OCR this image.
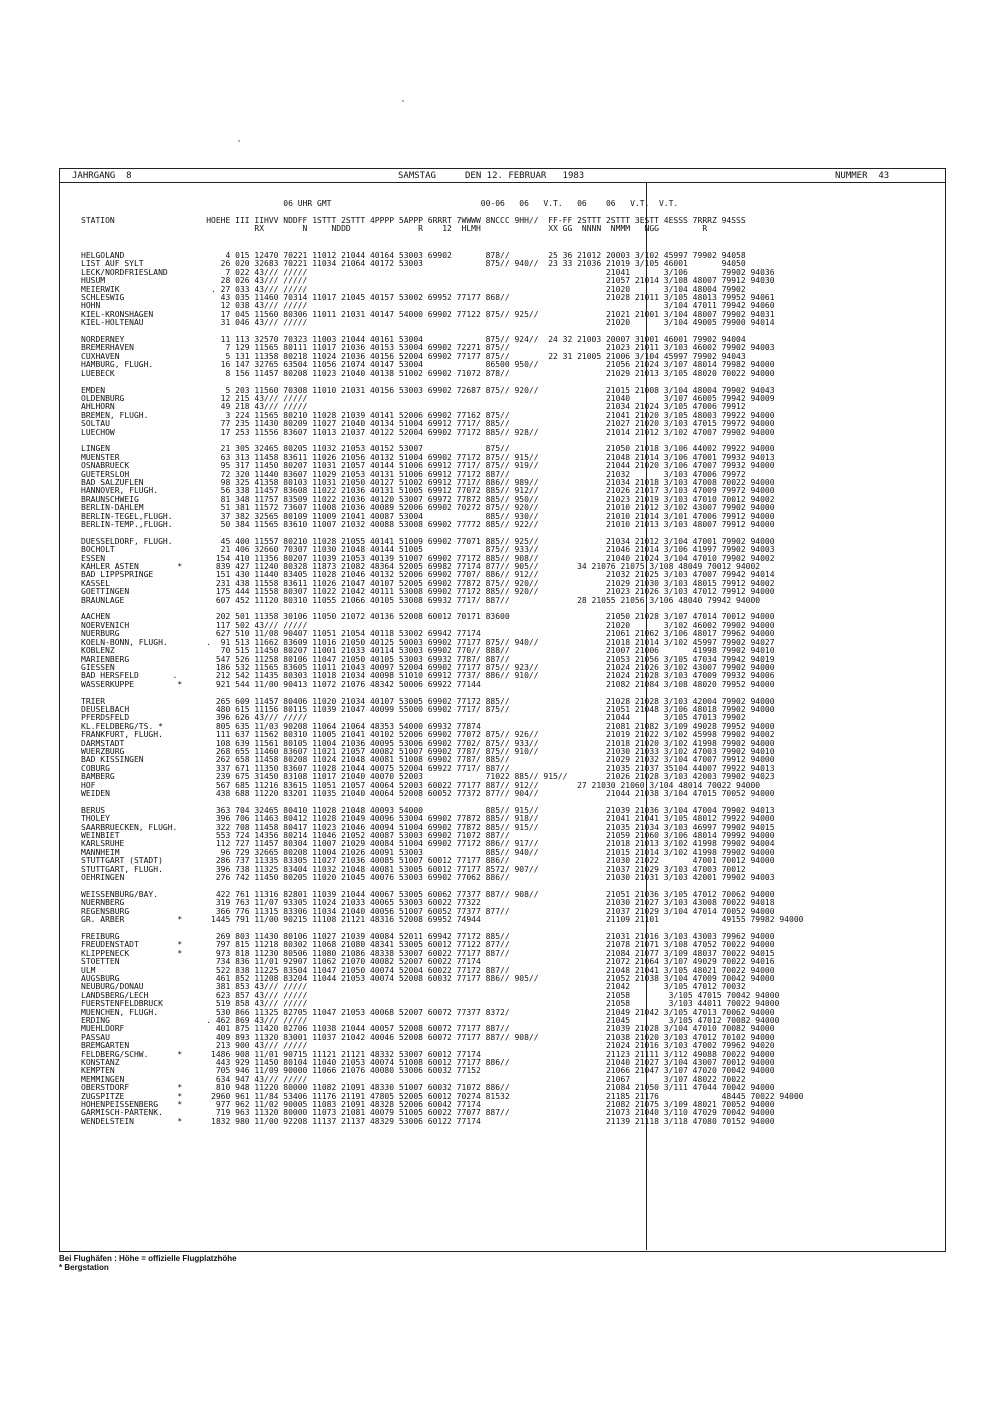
JAHRGANG  8	SAMSTAG	DEN 12. FEBRUAR   1983	NUMMER  43
06 UHR GMT                               00-06   06   V.T.   06    06   V.T.  V.T.

STATION                   HOEHE III IIHVV NDDFF 1STTT 2STTT 4PPPP 5APPP 6RRRT 7WWWW 8NCCC 9HH//  FF-FF 2STTT 2STTT 3ESTT 4ESSS 7RRRZ 94SSS
RX        N     NDDD              R    12  HLMH              XX GG  NNNN  NMMM   NGG         R
HELGOLAND                     4 015 12470 70221 11012 21044 40164 53003 69902       878//        25 36 21012 20003 3/102 45997 79902 94058
LIST AUF SYLT                26 020 32683 70221 11034 21064 40172 53003             875// 940//  23 33 21036 21019 3/105 46001       94050
LECK/NORDFRIESLAND            7 022 43/// /////                                                              21041       3/106       79902 94036
HUSUM                        28 026 43/// /////                                                              21057 21014 3/108 48007 79912 94030
MEIERWIK                   . 27 033 43/// /////                                                              21020       3/104 48004 79902
SCHLESWIG                    43 035 11460 70314 11017 21045 40157 53002 69952 77177 868//                    21028 21011 3/105 48013 79952 94061
HOHN                         12 038 43/// /////                                                                          3/104 47011 79942 94060
KIEL-KRONSHAGEN              17 045 11560 80306 11011 21031 40147 54000 69902 77122 875// 925//              21021 21001 3/104 48007 79902 94031
KIEL-HOLTENAU                31 046 43/// /////                                                              21020       3/104 49005 79900 94014

NORDERNEY                    11 113 32570 70323 11003 21044 40161 53004             875// 924//  24 32 21003 20007 31001 46001 79902 94004
BREMERHAVEN                   7 129 11565 80111 11017 21036 40153 53004 69902 72271 875//                    21023 21011 3/103 46002 79902 94003
CUXHAVEN                      5 131 11358 80218 11024 21036 40156 52004 69902 77177 875//        22 31 21005 21006 3/104 45997 79902 94043
HAMBURG, FLUGH.              16 147 32765 63504 11056 21074 40147 53004             86500 950//              21056 21024 3/107 48014 79982 94000
LUEBECK                       8 156 11457 80208 11023 21040 40138 51002 69902 71072 878//                    21029 21013 3/105 48020 70022 94000

EMDEN                         5 203 11560 70308 11010 21031 40156 53003 69902 72687 875// 920//              21015 21008 3/104 48004 79902 94043
OLDENBURG                    12 215 43/// /////                                                              21040       3/107 46005 79942 94009
AHLHORN                      49 218 43/// /////                                                              21034 21024 3/105 47006 79912
BREMEN, FLUGH.                3 224 11565 80210 11028 21039 40141 52006 69902 77162 875//                    21041 21020 3/105 48003 79922 94000
SOLTAU                       77 235 11430 80209 11027 21040 40134 51004 69912 7717/ 885//                    21027 21020 3/103 47015 79972 94000
LUECHOW                      17 253 11556 83607 11013 21037 40122 52004 69902 77172 885// 928//              21014 21012 3/102 47007 79902 94000

LINGEN                       21 305 32465 80205 11032 21053 40152 53007             875//                    21050 21018 3/106 44002 79922 94000
MUENSTER                     63 313 11458 83611 11026 21056 40132 51004 69902 77172 875// 915//              21048 21014 3/106 47001 79932 94013
OSNABRUECK                   95 317 11450 80207 11031 21057 40144 51006 69912 7717/ 875// 919//              21044 21020 3/106 47007 79932 94000
GUETERSLOH                   72 320 11440 83607 11029 21053 40131 51006 69912 77172 887//                    21032       3/103 47006 79972
BAD SALZUFLEN                98 325 41358 80103 11031 21050 40127 51002 69912 7717/ 886// 989//              21034 21018 3/103 47008 70022 94000
HANNOVER, FLUGH.             56 338 11457 83608 11022 21036 40131 51005 69912 77072 885// 912//              21026 21017 3/103 47009 79972 94000
BRAUNSCHWEIG                 81 348 11757 83509 11022 21036 40120 53007 69972 77872 885// 950//              21023 21019 3/103 47010 70012 94002
BERLIN-DAHLEM                51 381 11572 73607 11008 21036 40089 52006 69902 70272 875// 920//              21010 21012 3/102 43007 79902 94000
BERLIN-TEGEL,FLUGH.          37 382 32565 80109 11009 21041 40087 53004             885// 930//              21010 21014 3/101 47006 79912 94000
BERLIN-TEMP.,FLUGH.          50 384 11565 83610 11007 21032 40088 53008 69902 77772 885// 922//              21010 21013 3/103 48007 79912 94000

DUESSELDORF, FLUGH.          45 400 11557 80210 11028 21055 40141 51009 69902 77071 885// 925//              21034 21012 3/104 47001 79902 94000
BOCHOLT                      21 406 32660 70307 11030 21048 40144 51005             875// 933//              21046 21014 3/106 41997 79902 94003
ESSEN                       154 410 11356 80207 11039 21053 40139 51007 69902 77172 885// 908//              21040 21024 3/104 47010 79902 94002
KAHLER ASTEN        *       839 427 11240 80328 11873 21082 48364 52005 69982 77174 877// 905//        34 21076 21075 3/108 48049 70012 94002
BAD LIPPSPRINGE             151 430 11440 83405 11028 21046 40132 52006 69902 7707/ 886// 912//              21032 21025 3/103 47007 79942 94014
KASSEL                      231 438 11558 83611 11026 21047 40107 52005 69902 77872 875// 920//              21029 21030 3/103 48015 79912 94002
GOETTINGEN                  175 444 11558 80307 11022 21042 40111 53008 69902 77172 885// 920//              21023 21026 3/103 47012 79912 94000
BRAUNLAGE                   607 452 11120 80310 11055 21066 40105 53008 69932 7717/ 887//              28 21055 21056 3/106 48040 79942 94000

AACHEN                      202 501 11358 30106 11050 21072 40136 52008 60012 70171 83600                    21050 21028 3/107 47014 70012 94000
NOERVENICH                  117 502 43/// /////                                                              21020       3/102 46002 79902 94000
NUERBURG                    627 510 11/08 90407 11051 21054 40118 53002 69942 77174                          21061 21062 3/106 48017 79962 94000
KOELN-BONN, FLUGH.        .  91 513 11662 83609 11016 21050 40125 50003 69902 77177 875// 940//              21018 21014 3/102 45997 79902 94027
KOBLENZ                      70 515 11450 80207 11001 21033 40114 53003 69902 770// 888//                    21007 21006       41998 79902 94010
MARIENBERG                  547 526 11258 80106 11047 21050 40105 53003 69932 7787/ 887//                    21053 21056 3/105 47034 79942 94019
GIESSEN                     186 532 11565 83605 11011 21043 40097 52004 69902 77177 875// 923//              21024 21026 3/102 43007 79902 94000
BAD HERSFELD       .        212 542 11435 80303 11018 21034 40098 51010 69912 7737/ 886// 910//              21024 21028 3/103 47009 79932 94006
WASSERKUPPE         *       921 544 11/00 90413 11072 21076 48342 50006 69922 77144                          21082 21084 3/108 48020 79952 94000

TRIER                       265 609 11457 80406 11020 21034 40107 53005 69902 77172 885//                    21028 21028 3/103 42004 79902 94000
DEUSELBACH                  480 615 11156 80115 11039 21047 40099 55000 69902 7717/ 875//                    21051 21048 3/106 48018 79902 94000
PFERDSFELD                  396 626 43/// /////                                                              21044       3/105 47013 79902
KL.FELDBERG/TS. *           805 635 11/03 90208 11064 21064 48353 54000 69932 77874                          21081 21082 3/109 49028 79952 94000
FRANKFURT, FLUGH.           111 637 11562 80310 11005 21041 40102 52006 69902 77072 875// 926//              21019 21022 3/102 45998 79902 94002
DARMSTADT                   108 639 11561 80105 11004 21036 40095 53006 69902 7702/ 875// 933//              21018 21020 3/102 41998 79902 94000
WUERZBURG                   268 655 11460 83607 11021 21057 40082 51007 69902 7787/ 875// 910//              21030 21033 3/102 47003 79902 94010
BAD KISSINGEN               262 658 11458 80208 11024 21048 40081 51008 69902 7787/ 885//                    21029 21032 3/104 47007 79912 94000
COBURG                      337 671 11350 83607 11028 21044 40075 52004 69922 7717/ 887//                    21035 21037 35104 44007 79922 94013
BAMBERG                     239 675 31450 83108 11017 21040 40070 52003             71022 885// 915//        21026 21028 3/103 42003 79902 94023
HOF                         567 685 11216 83615 11051 21057 40064 52003 60022 77177 887// 912//        27 21030 21060 3/104 48014 70022 94000
WEIDEN                      438 688 11220 83201 11035 21040 40064 52008 60052 77372 877// 904//              21044 21038 3/104 47015 70052 94000

BERUS                       363 704 32465 80410 11028 21048 40093 54000             885// 915//              21039 21036 3/104 47004 79902 94013
THOLEY                      396 706 11463 80412 11028 21049 40096 53004 69902 77872 885// 918//              21041 21041 3/105 48012 79922 94000
SAARBRUECKEN, FLUGH.        322 708 11458 80417 11023 21046 40094 51004 69902 77872 885// 915//              21035 21034 3/103 46997 79902 94015
WEINBIET                    553 724 14356 80214 11046 21052 40087 53003 69902 71072 887//                    21059 21060 3/106 48014 79992 94000
KARLSRUHE                   112 727 11457 80304 11007 21029 40084 51004 69902 77172 886// 917//              21018 21013 3/102 41998 79902 94004
MANNHEIM                     96 729 32665 80208 11004 21026 40091 53003             885// 940//              21015 21014 3/102 41998 79902 94000
STUTTGART (STADT)           286 737 11335 83305 11027 21036 40085 51007 60012 77177 886//                    21030 21022       47001 70012 94000
STUTTGART, FLUGH.           396 738 11325 83404 11032 21048 40081 53005 60012 77177 8572/ 907//              21037 21029 3/103 47003 70012
OEHRINGEN                   276 742 11450 80205 11020 21045 40076 53003 69902 77062 886//                    21030 21031 3/103 42001 79902 94003

WEISSENBURG/BAY.            422 761 11316 82801 11039 21044 40067 53005 60062 77377 887// 908//              21051 21036 3/105 47012 70062 94000
NUERNBERG                   319 763 11/07 93305 11024 21033 40065 53003 60022 77322                          21030 21027 3/103 43008 70022 94018
REGENSBURG                  366 776 11315 83306 11034 21040 40056 51007 60052 77377 877//                    21037 21029 3/104 47014 70052 94000
GR. ARBER           *      1445 791 11/00 90215 11108 21121 48316 52008 69952 74944                          21109 21101             49155 79982 94000

FREIBURG                    269 803 11430 80106 11027 21039 40084 52011 69942 77172 885//                    21031 21016 3/103 43003 79962 94000
FREUDENSTADT        *       797 815 11218 80302 11068 21080 48341 53005 60012 77122 877//                    21078 21071 3/108 47052 70022 94000
KLIPPENECK          *       973 818 11230 80506 11080 21086 48338 53007 60022 77177 887//                    21084 21077 3/109 48037 70022 94015
STOETTEN                    734 836 11/01 92907 11062 21070 40082 52007 60022 77174                          21072 21064 3/107 49029 70022 94016
ULM                         522 838 11225 83504 11047 21050 40074 52004 60022 77172 887//                    21048 21041 3/105 48021 70022 94000
AUGSBURG                    461 852 11208 83204 11044 21053 40074 52008 60032 77177 886// 905//              21052 21038 3/104 47009 70042 94000
NEUBURG/DONAU               381 853 43/// /////                                                              21042       3/105 47012 70032
LANDSBERG/LECH              623 857 43/// /////                                                              21058        3/105 47015 70042 94000
FUERSTENFELDBRUCK           519 858 43/// /////                                                              21058        3/103 44011 70022 94000
MUENCHEN, FLUGH.            530 866 11325 82705 11047 21053 40068 52007 60072 77377 8372/                    21049 21042 3/105 47013 70062 94000
ERDING                    . 462 869 43/// /////                                                              21045        3/105 47012 70082 94000
MUEHLDORF                   401 875 11420 82706 11038 21044 40057 52008 60072 77177 887//                    21039 21028 3/104 47010 70082 94000
PASSAU                      409 893 11320 83001 11037 21042 40046 52008 60072 77177 887// 908//              21038 21020 3/103 47012 70102 94000
BREMGARTEN                  213 900 43/// /////                                                              21024 21016 3/103 47002 79962 94020
FELDBERG/SCHW.      *      1486 908 11/01 90715 11121 21121 48332 53007 60012 77174                          21123 21111 3/112 49088 70022 94000
KONSTANZ                    443 929 11450 80104 11040 21053 40074 51008 60012 77177 886//                    21040 21027 3/104 43007 70012 94000
KEMPTEN                     705 946 11/09 90000 11066 21076 40080 53006 60032 77152                          21066 21047 3/107 47020 70042 94000
MEMMINGEN                   634 947 43/// /////                                                              21067       3/107 48022 70022
OBERSTDORF          *       810 948 11220 80000 11082 21091 48330 51007 60032 71072 886//                    21084 21050 3/111 47044 70042 94000
ZUGSPITZE           *      2960 961 11/84 53406 11176 21191 47805 52005 60012 70274 81532                    21185 21176             48445 70022 94000
HOHENPEISSENBERG    *       977 962 11/02 90005 11083 21091 48328 52006 60042 77174                          21082 21075 3/109 48021 70052 94000
GARMISCH-PARTENK.           719 963 11320 80000 11073 21081 40079 51005 60022 77077 887//                    21073 21040 3/110 47029 70042 94000
WENDELSTEIN         *      1832 980 11/00 92208 11137 21137 48329 53006 60122 77174                          21139 21118 3/118 47080 70152 94000
Bei Flughäfen : Höhe = offizielle Flugplatzhöhe
* Bergstation
